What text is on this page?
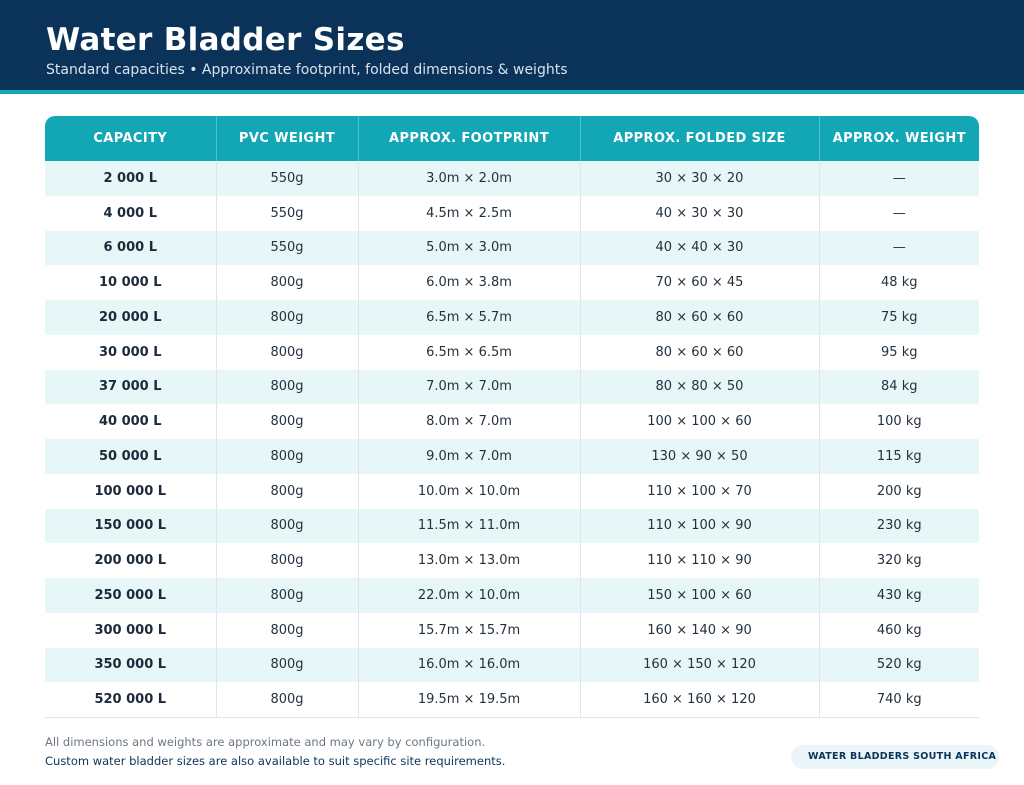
Water Bladder Sizes
Standard capacities • Approximate footprint, folded dimensions & weights
CAPACITY	PVC WEIGHT	APPROX. FOOTPRINT	APPROX. FOLDED SIZE	APPROX. WEIGHT
2 000 L	550g	3.0m × 2.0m	30 × 30 × 20	—
4 000 L	550g	4.5m × 2.5m	40 × 30 × 30	—
6 000 L	550g	5.0m × 3.0m	40 × 40 × 30	—
10 000 L	800g	6.0m × 3.8m	70 × 60 × 45	48 kg
20 000 L	800g	6.5m × 5.7m	80 × 60 × 60	75 kg
30 000 L	800g	6.5m × 6.5m	80 × 60 × 60	95 kg
37 000 L	800g	7.0m × 7.0m	80 × 80 × 50	84 kg
40 000 L	800g	8.0m × 7.0m	100 × 100 × 60	100 kg
50 000 L	800g	9.0m × 7.0m	130 × 90 × 50	115 kg
100 000 L	800g	10.0m × 10.0m	110 × 100 × 70	200 kg
150 000 L	800g	11.5m × 11.0m	110 × 100 × 90	230 kg
200 000 L	800g	13.0m × 13.0m	110 × 110 × 90	320 kg
250 000 L	800g	22.0m × 10.0m	150 × 100 × 60	430 kg
300 000 L	800g	15.7m × 15.7m	160 × 140 × 90	460 kg
350 000 L	800g	16.0m × 16.0m	160 × 150 × 120	520 kg
520 000 L	800g	19.5m × 19.5m	160 × 160 × 120	740 kg
All dimensions and weights are approximate and may vary by configuration.
Custom water bladder sizes are also available to suit specific site requirements.	WATER BLADDERS SOUTH AFRICA
